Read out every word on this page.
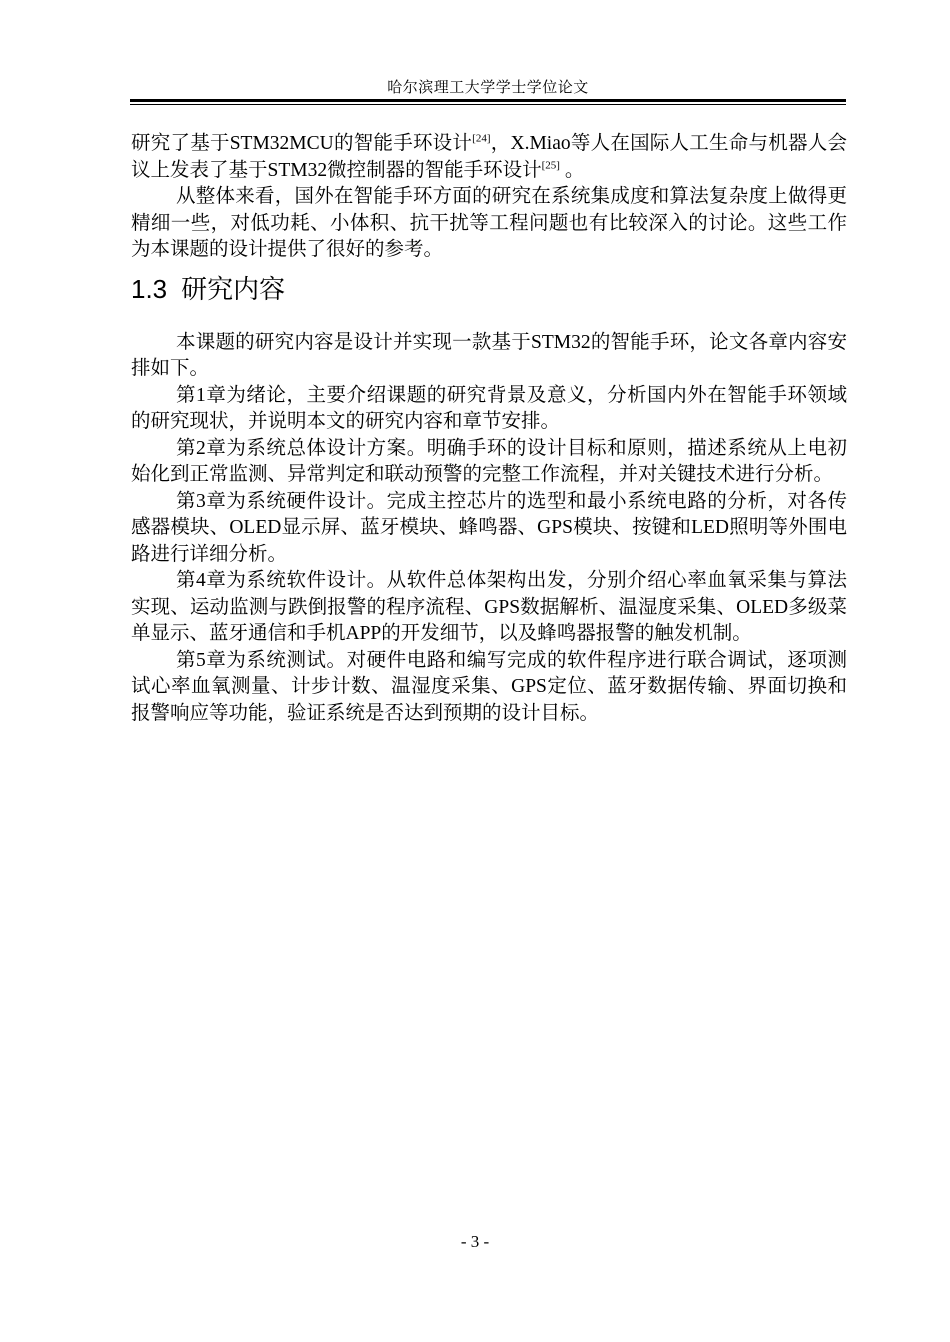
哈尔滨理工大学学士学位论文

研究了基于STM32MCU的智能手环设计[24]，X.Miao等人在国际人工生命与机器人会议上发表了基于STM32微控制器的智能手环设计[25] 。

从整体来看，国外在智能手环方面的研究在系统集成度和算法复杂度上做得更精细一些，对低功耗、小体积、抗干扰等工程问题也有比较深入的讨论。这些工作为本课题的设计提供了很好的参考。

1.3 研究内容

本课题的研究内容是设计并实现一款基于STM32的智能手环，论文各章内容安排如下。

第1章为绪论，主要介绍课题的研究背景及意义，分析国内外在智能手环领域的研究现状，并说明本文的研究内容和章节安排。

第2章为系统总体设计方案。明确手环的设计目标和原则，描述系统从上电初始化到正常监测、异常判定和联动预警的完整工作流程，并对关键技术进行分析。

第3章为系统硬件设计。完成主控芯片的选型和最小系统电路的分析，对各传感器模块、OLED显示屏、蓝牙模块、蜂鸣器、GPS模块、按键和LED照明等外围电路进行详细分析。

第4章为系统软件设计。从软件总体架构出发，分别介绍心率血氧采集与算法实现、运动监测与跌倒报警的程序流程、GPS数据解析、温湿度采集、OLED多级菜单显示、蓝牙通信和手机APP的开发细节，以及蜂鸣器报警的触发机制。

第5章为系统测试。对硬件电路和编写完成的软件程序进行联合调试，逐项测试心率血氧测量、计步计数、温湿度采集、GPS定位、蓝牙数据传输、界面切换和报警响应等功能，验证系统是否达到预期的设计目标。

- 3 -
